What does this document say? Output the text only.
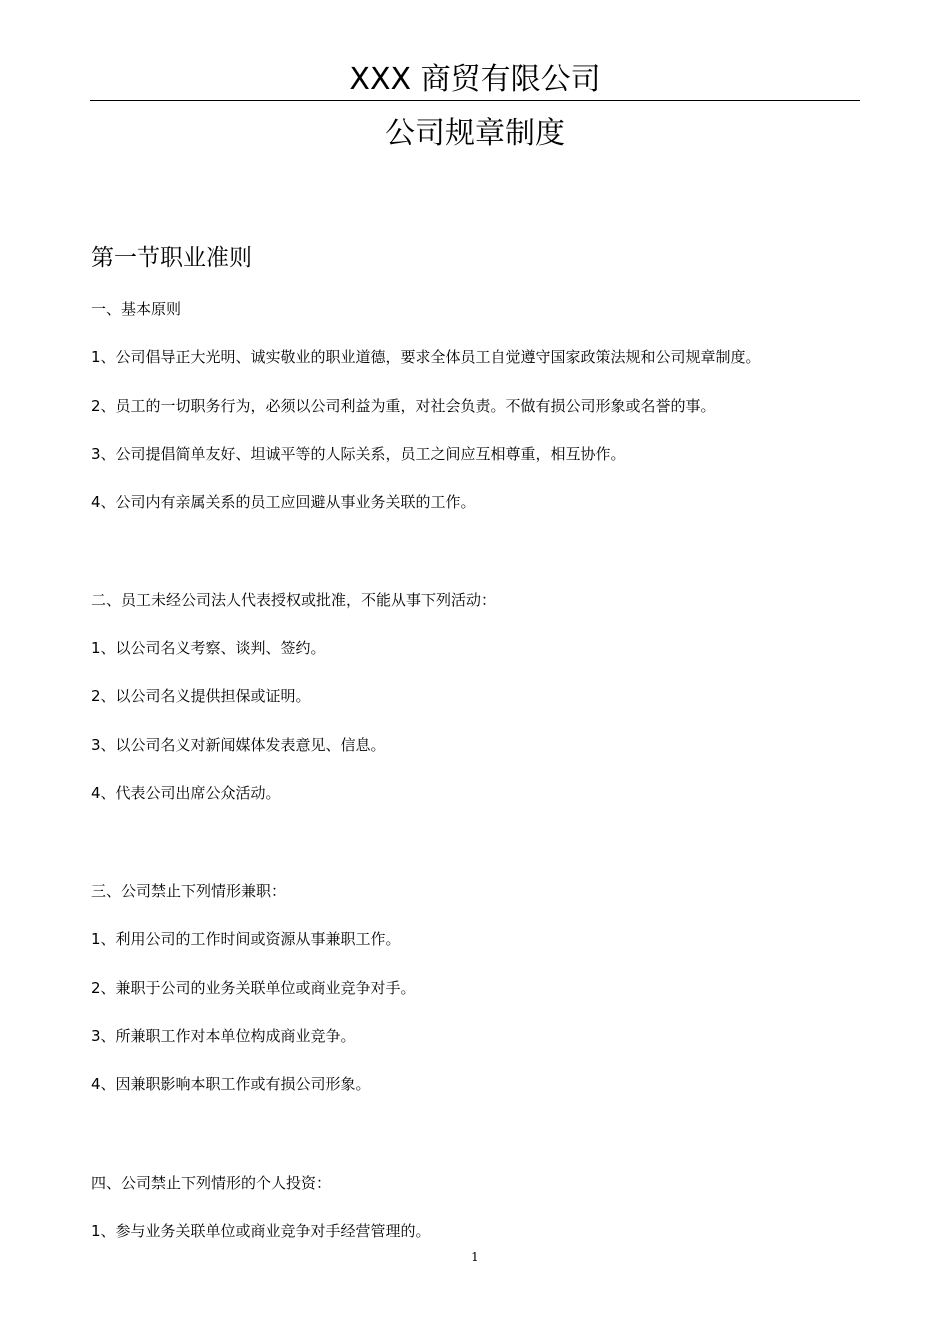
XXX 商贸有限公司
公司规章制度
第一节职业准则
一、基本原则
1、公司倡导正大光明、诚实敬业的职业道德，要求全体员工自觉遵守国家政策法规和公司规章制度。
2、员工的一切职务行为，必须以公司利益为重，对社会负责。不做有损公司形象或名誉的事。
3、公司提倡简单友好、坦诚平等的人际关系，员工之间应互相尊重，相互协作。
4、公司内有亲属关系的员工应回避从事业务关联的工作。
二、员工未经公司法人代表授权或批准，不能从事下列活动：
1、以公司名义考察、谈判、签约。
2、以公司名义提供担保或证明。
3、以公司名义对新闻媒体发表意见、信息。
4、代表公司出席公众活动。
三、公司禁止下列情形兼职：
1、利用公司的工作时间或资源从事兼职工作。
2、兼职于公司的业务关联单位或商业竞争对手。
3、所兼职工作对本单位构成商业竞争。
4、因兼职影响本职工作或有损公司形象。
四、公司禁止下列情形的个人投资：
1、参与业务关联单位或商业竞争对手经营管理的。
1
